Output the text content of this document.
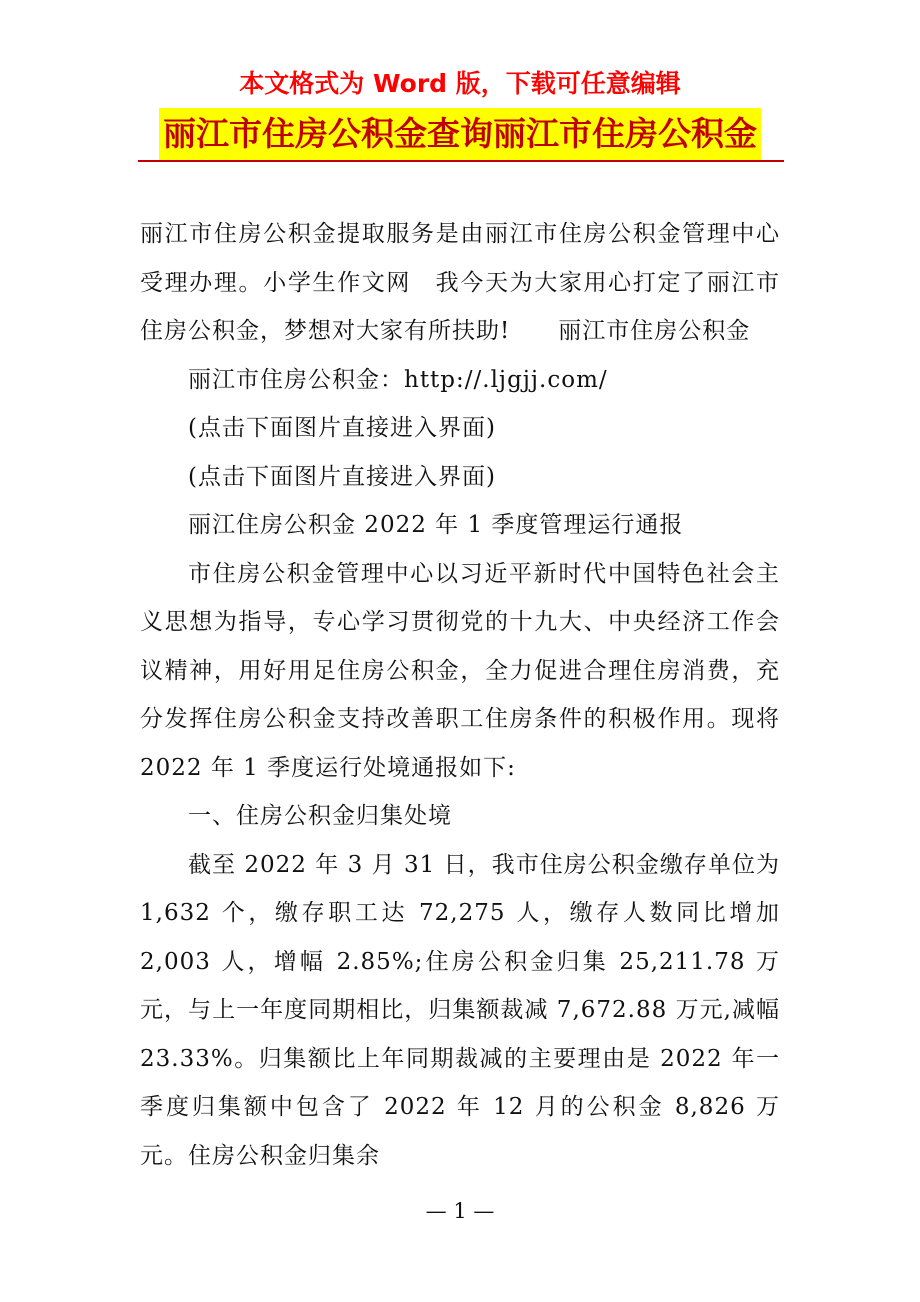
本文格式为 Word 版，下载可任意编辑
丽江市住房公积金查询丽江市住房公积金

丽江市住房公积金提取服务是由丽江市住房公积金管理中心受理办理。小学生作文网　我今天为大家用心打定了丽江市住房公积金，梦想对大家有所扶助!　　丽江市住房公积金

丽江市住房公积金：http://.ljgjj.com/

(点击下面图片直接进入界面)

(点击下面图片直接进入界面)

丽江住房公积金 2022 年 1 季度管理运行通报

市住房公积金管理中心以习近平新时代中国特色社会主义思想为指导，专心学习贯彻党的十九大、中央经济工作会议精神，用好用足住房公积金，全力促进合理住房消费，充分发挥住房公积金支持改善职工住房条件的积极作用。现将 2022 年 1 季度运行处境通报如下:

一、住房公积金归集处境

截至 2022 年 3 月 31 日，我市住房公积金缴存单位为 1,632 个，缴存职工达 72,275 人，缴存人数同比增加 2,003 人，增幅 2.85%;住房公积金归集 25,211.78 万元，与上一年度同期相比，归集额裁减 7,672.88 万元,减幅 23.33%。归集额比上年同期裁减的主要理由是 2022 年一季度归集额中包含了 2022 年 12 月的公积金 8,826 万元。住房公积金归集余

— 1 —
